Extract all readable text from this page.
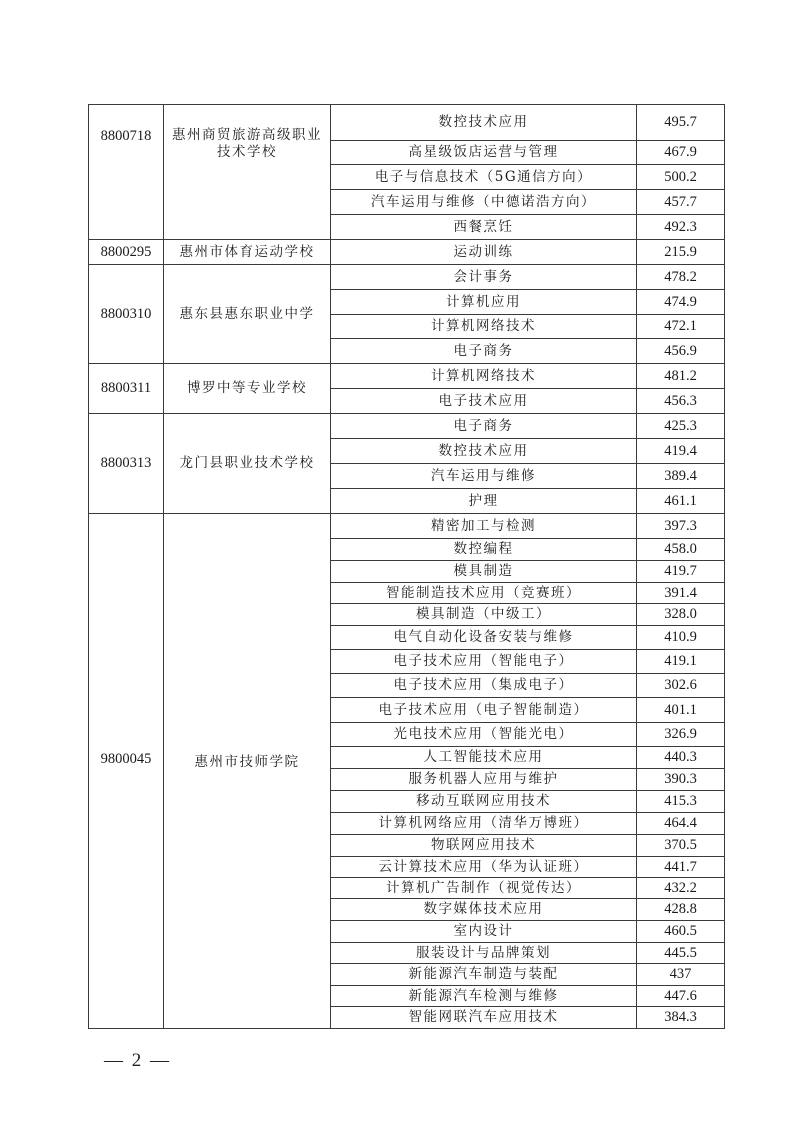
8800718	惠州商贸旅游高级职业技术学校	数控技术应用	495.7
		高星级饭店运营与管理	467.9
		电子与信息技术（5G通信方向）	500.2
		汽车运用与维修（中德诺浩方向）	457.7
		西餐烹饪	492.3
8800295	惠州市体育运动学校	运动训练	215.9
8800310	惠东县惠东职业中学	会计事务	478.2
		计算机应用	474.9
		计算机网络技术	472.1
		电子商务	456.9
8800311	博罗中等专业学校	计算机网络技术	481.2
		电子技术应用	456.3
8800313	龙门县职业技术学校	电子商务	425.3
		数控技术应用	419.4
		汽车运用与维修	389.4
		护理	461.1
9800045	惠州市技师学院	精密加工与检测	397.3
		数控编程	458.0
		模具制造	419.7
		智能制造技术应用（竞赛班）	391.4
		模具制造（中级工）	328.0
		电气自动化设备安装与维修	410.9
		电子技术应用（智能电子）	419.1
		电子技术应用（集成电子）	302.6
		电子技术应用（电子智能制造）	401.1
		光电技术应用（智能光电）	326.9
		人工智能技术应用	440.3
		服务机器人应用与维护	390.3
		移动互联网应用技术	415.3
		计算机网络应用（清华万博班）	464.4
		物联网应用技术	370.5
		云计算技术应用（华为认证班）	441.7
		计算机广告制作（视觉传达）	432.2
		数字媒体技术应用	428.8
		室内设计	460.5
		服装设计与品牌策划	445.5
		新能源汽车制造与装配	437
		新能源汽车检测与维修	447.6
		智能网联汽车应用技术	384.3
— 2 —
